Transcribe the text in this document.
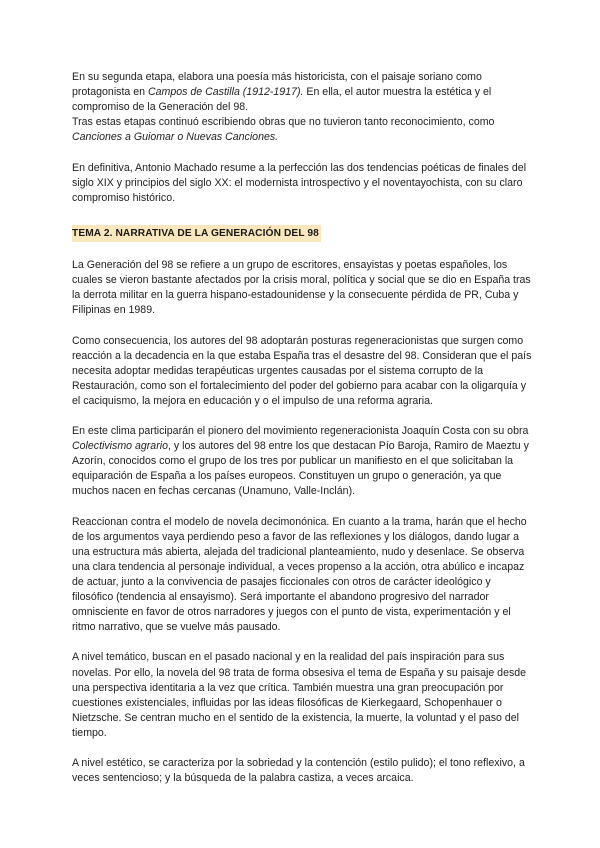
En su segunda etapa, elabora una poesía más historicista, con el paisaje soriano como protagonista en Campos de Castilla (1912-1917). En ella, el autor muestra la estética y el compromiso de la Generación del 98.

Tras estas etapas continuó escribiendo obras que no tuvieron tanto reconocimiento, como Canciones a Guiomar o Nuevas Canciones.

En definitiva, Antonio Machado resume a la perfección las dos tendencias poéticas de finales del siglo XIX y principios del siglo XX: el modernista introspectivo y el noventayochista, con su claro compromiso histórico.

TEMA 2. NARRATIVA DE LA GENERACIÓN DEL 98

La Generación del 98 se refiere a un grupo de escritores, ensayistas y poetas españoles, los cuales se vieron bastante afectados por la crisis moral, política y social que se dio en España tras la derrota militar en la guerra hispano-estadounidense y la consecuente pérdida de PR, Cuba y Filipinas en 1989.

Como consecuencia, los autores del 98 adoptarán posturas regeneracionistas que surgen como reacción a la decadencia en la que estaba España tras el desastre del 98. Consideran que el país necesita adoptar medidas terapéuticas urgentes causadas por el sistema corrupto de la Restauración, como son el fortalecimiento del poder del gobierno para acabar con la oligarquía y el caciquismo, la mejora en educación y o el impulso de una reforma agraria.

En este clima participarán el pionero del movimiento regeneracionista Joaquín Costa con su obra Colectivismo agrario, y los autores del 98 entre los que destacan Pío Baroja, Ramiro de Maeztu y Azorín, conocidos como el grupo de los tres por publicar un manifiesto en el que solicitaban la equiparación de España a los países europeos. Constituyen un grupo o generación, ya que muchos nacen en fechas cercanas (Unamuno, Valle-Inclán).

Reaccionan contra el modelo de novela decimonónica. En cuanto a la trama, harán que el hecho de los argumentos vaya perdiendo peso a favor de las reflexiones y los diálogos, dando lugar a una estructura más abierta, alejada del tradicional planteamiento, nudo y desenlace. Se observa una clara tendencia al personaje individual, a veces propenso a la acción, otra abúlico e incapaz de actuar, junto a la convivencia de pasajes ficcionales con otros de carácter ideológico y filosófico (tendencia al ensayismo). Será importante el abandono progresivo del narrador omnisciente en favor de otros narradores y juegos con el punto de vista, experimentación y el ritmo narrativo, que se vuelve más pausado.

A nivel temático, buscan en el pasado nacional y en la realidad del país inspiración para sus novelas. Por ello, la novela del 98 trata de forma obsesiva el tema de España y su paisaje desde una perspectiva identitaria a la vez que crítica. También muestra una gran preocupación por cuestiones existenciales, influidas por las ideas filosóficas de Kierkegaard, Schopenhauer o Nietzsche. Se centran mucho en el sentido de la existencia, la muerte, la voluntad y el paso del tiempo.

A nivel estético, se caracteriza por la sobriedad y la contención (estilo pulido); el tono reflexivo, a veces sentencioso; y la búsqueda de la palabra castiza, a veces arcaica.
